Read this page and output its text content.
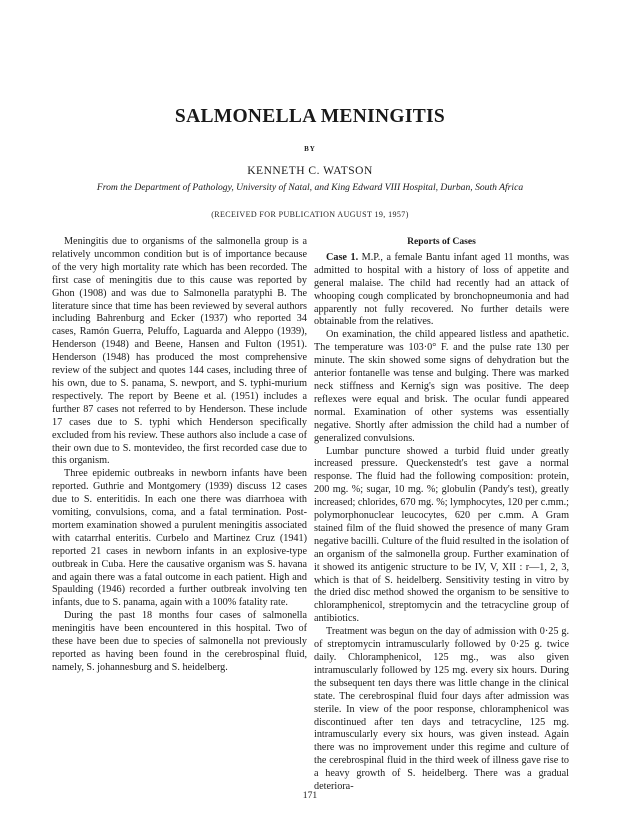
SALMONELLA MENINGITIS
BY
KENNETH C. WATSON
From the Department of Pathology, University of Natal, and King Edward VIII Hospital, Durban, South Africa
(RECEIVED FOR PUBLICATION AUGUST 19, 1957)

Meningitis due to organisms of the salmonella group is a relatively uncommon condition but is of importance because of the very high mortality rate which has been recorded. The first case of meningitis due to this cause was reported by Ghon (1908) and was due to Salmonella paratyphi B. The literature since that time has been reviewed by several authors including Bahrenburg and Ecker (1937) who reported 34 cases, Ramón Guerra, Peluffo, Laguarda and Aleppo (1939), Henderson (1948) and Beene, Hansen and Fulton (1951). Henderson (1948) has produced the most comprehensive review of the subject and quotes 144 cases, including three of his own, due to S. panama, S. newport, and S. typhi-murium respectively. The report by Beene et al. (1951) includes a further 87 cases not referred to by Henderson. These include 17 cases due to S. typhi which Henderson specifically excluded from his review. These authors also include a case of their own due to S. montevideo, the first recorded case due to this organism.

Three epidemic outbreaks in newborn infants have been reported. Guthrie and Montgomery (1939) discuss 12 cases due to S. enteritidis. In each one there was diarrhoea with vomiting, convulsions, coma, and a fatal termination. Post-mortem examination showed a purulent meningitis associated with catarrhal enteritis. Curbelo and Martinez Cruz (1941) reported 21 cases in newborn infants in an explosive-type outbreak in Cuba. Here the causative organism was S. havana and again there was a fatal outcome in each patient. High and Spaulding (1946) recorded a further outbreak involving ten infants, due to S. panama, again with a 100% fatality rate.

During the past 18 months four cases of salmonella meningitis have been encountered in this hospital. Two of these have been due to species of salmonella not previously reported as having been found in the cerebrospinal fluid, namely, S. johannesburg and S. heidelberg.

Reports of Cases

Case 1. M.P., a female Bantu infant aged 11 months, was admitted to hospital with a history of loss of appetite and general malaise. The child had recently had an attack of whooping cough complicated by bronchopneumonia and had apparently not fully recovered. No further details were obtainable from the relatives.

On examination, the child appeared listless and apathetic. The temperature was 103·0° F. and the pulse rate 130 per minute. The skin showed some signs of dehydration but the anterior fontanelle was tense and bulging. There was marked neck stiffness and Kernig's sign was positive. The deep reflexes were equal and brisk. The ocular fundi appeared normal. Examination of other systems was essentially negative. Shortly after admission the child had a number of generalized convulsions.

Lumbar puncture showed a turbid fluid under greatly increased pressure. Queckenstedt's test gave a normal response. The fluid had the following composition: protein, 200 mg. %; sugar, 10 mg. %; globulin (Pandy's test), greatly increased; chlorides, 670 mg. %; lymphocytes, 120 per c.mm.; polymorphonuclear leucocytes, 620 per c.mm. A Gram stained film of the fluid showed the presence of many Gram negative bacilli. Culture of the fluid resulted in the isolation of an organism of the salmonella group. Further examination of it showed its antigenic structure to be IV, V, XII : r—1, 2, 3, which is that of S. heidelberg. Sensitivity testing in vitro by the dried disc method showed the organism to be sensitive to chloramphenicol, streptomycin and the tetracycline group of antibiotics.

Treatment was begun on the day of admission with 0·25 g. of streptomycin intramuscularly followed by 0·25 g. twice daily. Chloramphenicol, 125 mg., was also given intramuscularly followed by 125 mg. every six hours. During the subsequent ten days there was little change in the clinical state. The cerebrospinal fluid four days after admission was sterile. In view of the poor response, chloramphenicol was discontinued after ten days and tetracycline, 125 mg. intramuscularly every six hours, was given instead. Again there was no improvement under this regime and culture of the cerebrospinal fluid in the third week of illness gave rise to a heavy growth of S. heidelberg. There was a gradual deteriora-

171
